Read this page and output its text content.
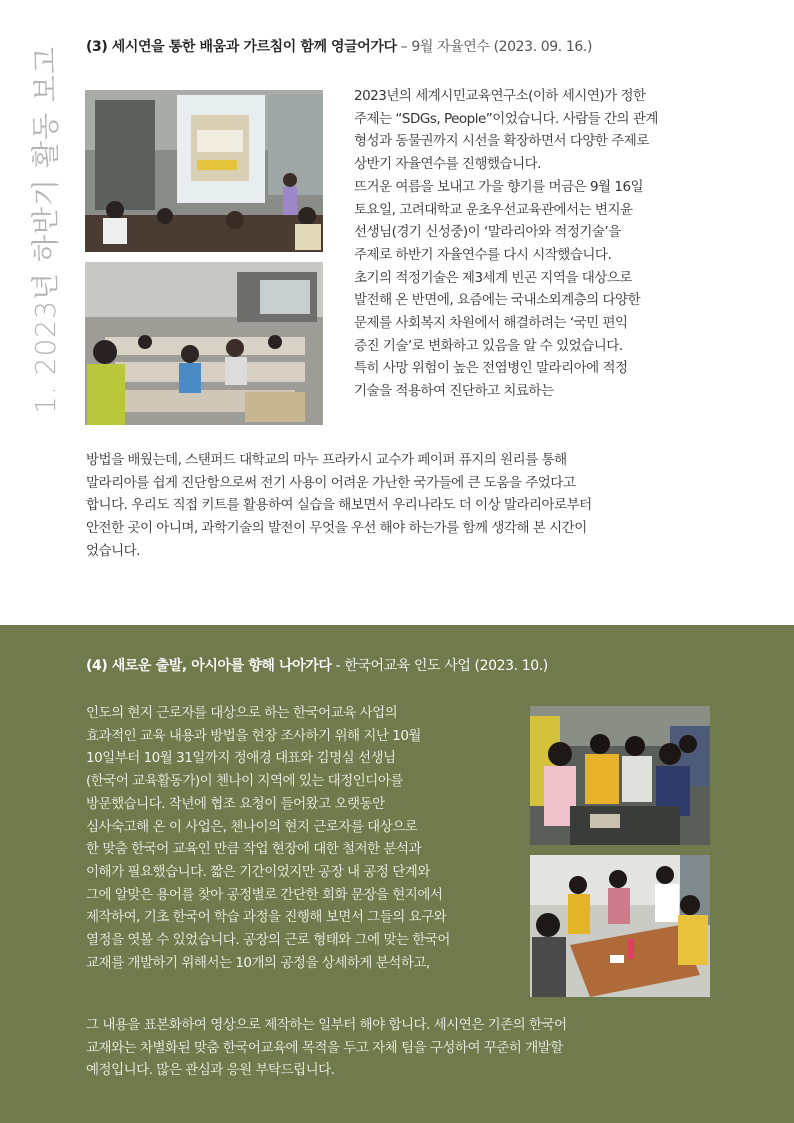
1. 2023년 하반기 활동 보고 (3) 세시연을 통한 배움과 가르침이 함께 영글어가다 – 9월 자율연수 (2023. 09. 16.)
2023년의 세계시민교육연구소(이하 세시연)가 정한
주제는 “SDGs, People”이었습니다. 사람들 간의 관계
형성과 동물권까지 시선을 확장하면서 다양한 주제로
상반기 자율연수를 진행했습니다.
뜨거운 여름을 보내고 가을 향기를 머금은 9월 16일
토요일, 고려대학교 운초우선교육관에서는 변지윤
선생님(경기 신성중)이 ‘말라리아와 적정기술’을
주제로 하반기 자율연수를 다시 시작했습니다.
초기의 적정기술은 제3세계 빈곤 지역을 대상으로
발전해 온 반면에, 요즘에는 국내소외계층의 다양한
문제를 사회복지 차원에서 해결하려는 ‘국민 편익
증진 기술’로 변화하고 있음을 알 수 있었습니다.
특히 사망 위험이 높은 전염병인 말라리아에 적정
기술을 적용하여 진단하고 치료하는
방법을 배웠는데, 스탠퍼드 대학교의 마누 프라카시 교수가 페이퍼 퓨지의 원리를 통해
말라리아를 쉽게 진단함으로써 전기 사용이 어려운 가난한 국가들에 큰 도움을 주었다고
합니다. 우리도 직접 키트를 활용하여 실습을 해보면서 우리나라도 더 이상 말라리아로부터
안전한 곳이 아니며, 과학기술의 발전이 무엇을 우선 해야 하는가를 함께 생각해 본 시간이
었습니다.
(4) 새로운 출발, 아시아를 향해 나아가다 - 한국어교육 인도 사업 (2023. 10.)
인도의 현지 근로자를 대상으로 하는 한국어교육 사업의
효과적인 교육 내용과 방법을 현장 조사하기 위해 지난 10월
10일부터 10월 31일까지 정애경 대표와 김명실 선생님
(한국어 교육활동가)이 첸나이 지역에 있는 대정인디아를
방문했습니다. 작년에 협조 요청이 들어왔고 오랫동안
심사숙고해 온 이 사업은, 첸나이의 현지 근로자를 대상으로
한 맞춤 한국어 교육인 만큼 작업 현장에 대한 철저한 분석과
이해가 필요했습니다. 짧은 기간이었지만 공장 내 공정 단계와
그에 알맞은 용어를 찾아 공정별로 간단한 회화 문장을 현지에서
제작하여, 기초 한국어 학습 과정을 진행해 보면서 그들의 요구와
열정을 엿볼 수 있었습니다. 공장의 근로 형태와 그에 맞는 한국어
교재를 개발하기 위해서는 10개의 공정을 상세하게 분석하고,
그 내용을 표본화하여 영상으로 제작하는 일부터 해야 합니다. 세시연은 기존의 한국어
교재와는 차별화된 맞춤 한국어교육에 목적을 두고 자체 팀을 구성하여 꾸준히 개발할
예정입니다. 많은 관심과 응원 부탁드립니다.
